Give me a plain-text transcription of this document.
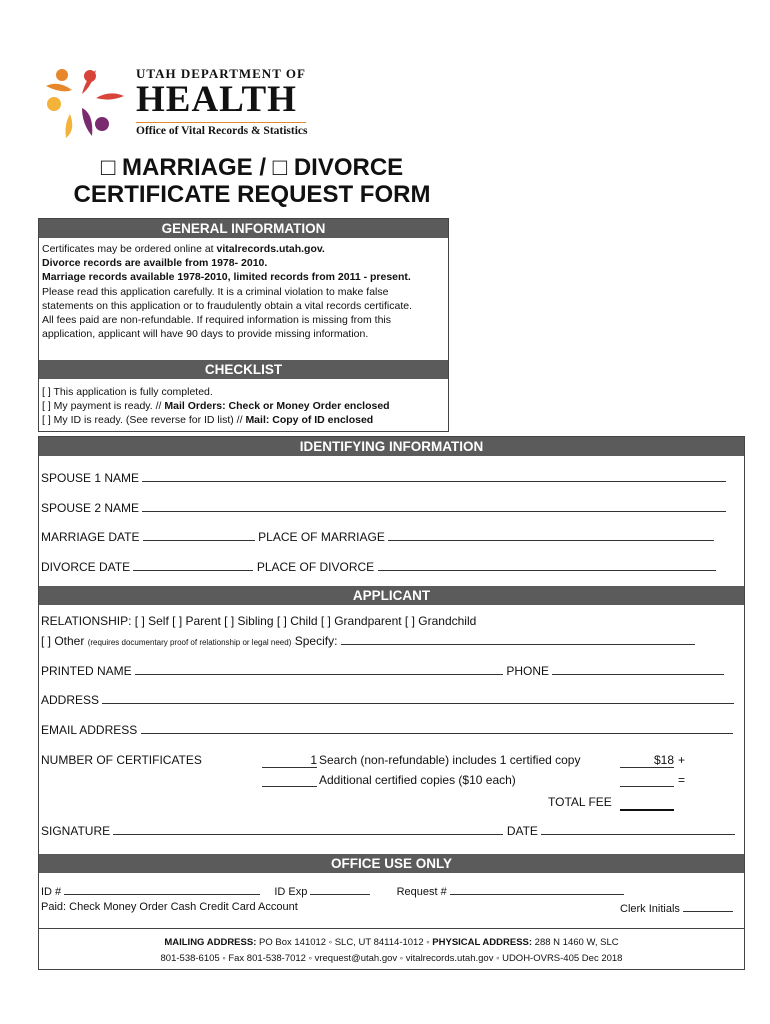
UTAH DEPARTMENT OF
HEALTH
Office of Vital Records & Statistics
□ MARRIAGE / □ DIVORCE
CERTIFICATE REQUEST FORM
GENERAL INFORMATION
Certificates may be ordered online at vitalrecords.utah.gov.
Divorce records are availble from 1978- 2010.
Marriage records available 1978-2010, limited records from 2011 - present.
Please read this application carefully. It is a criminal violation to make false
statements on this application or to fraudulently obtain a vital records certificate.
All fees paid are non-refundable. If required information is missing from this
application, applicant will have 90 days to provide missing information.
CHECKLIST
[ ] This application is fully completed.
[ ] My payment is ready. // Mail Orders: Check or Money Order enclosed
[ ] My ID is ready. (See reverse for ID list) // Mail: Copy of ID enclosed
IDENTIFYING INFORMATION
SPOUSE 1 NAME
SPOUSE 2 NAME
MARRIAGE DATE	PLACE OF MARRIAGE
DIVORCE DATE	PLACE OF DIVORCE
APPLICANT
RELATIONSHIP: [ ] Self [ ] Parent [ ] Sibling [ ] Child [ ] Grandparent [ ] Grandchild
[ ] Other (requires documentary proof of relationship or legal need) Specify:
PRINTED NAME	PHONE
ADDRESS
EMAIL ADDRESS
NUMBER OF CERTIFICATES	1 Search (non-refundable) includes 1 certified copy	$18 +
Additional certified copies ($10 each)	=
TOTAL FEE
SIGNATURE	DATE
OFFICE USE ONLY
ID #	ID Exp	Request #
Paid: Check Money Order Cash Credit Card Account	Clerk Initials
MAILING ADDRESS: PO Box 141012 ◦ SLC, UT 84114-1012 ◦ PHYSICAL ADDRESS: 288 N 1460 W, SLC
801-538-6105 ◦ Fax 801-538-7012 ◦ vrequest@utah.gov ◦ vitalrecords.utah.gov ◦ UDOH-OVRS-405 Dec 2018
